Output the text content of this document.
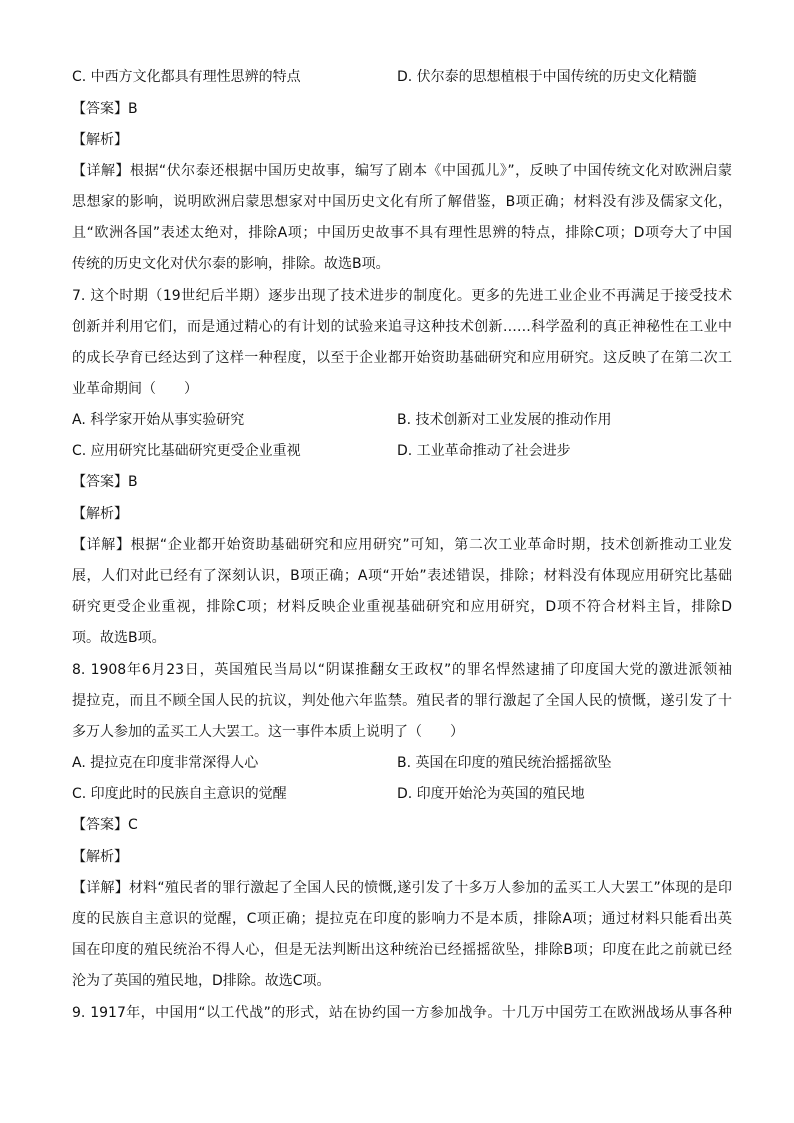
C. 中西方文化都具有理性思辨的特点	D. 伏尔泰的思想植根于中国传统的历史文化精髓
【答案】B
【解析】
【详解】根据“伏尔泰还根据中国历史故事，编写了剧本《中国孤儿》”，反映了中国传统文化对欧洲启蒙
思想家的影响，说明欧洲启蒙思想家对中国历史文化有所了解借鉴，B项正确；材料没有涉及儒家文化，
且“欧洲各国”表述太绝对，排除A项；中国历史故事不具有理性思辨的特点，排除C项；D项夸大了中国
传统的历史文化对伏尔泰的影响，排除。故选B项。
7. 这个时期（19世纪后半期）逐步出现了技术进步的制度化。更多的先进工业企业不再满足于接受技术
创新并利用它们，而是通过精心的有计划的试验来追寻这种技术创新……科学盈利的真正神秘性在工业中
的成长孕育已经达到了这样一种程度，以至于企业都开始资助基础研究和应用研究。这反映了在第二次工
业革命期间（　　）
A. 科学家开始从事实验研究	B. 技术创新对工业发展的推动作用
C. 应用研究比基础研究更受企业重视	D. 工业革命推动了社会进步
【答案】B
【解析】
【详解】根据“企业都开始资助基础研究和应用研究”可知，第二次工业革命时期，技术创新推动工业发
展，人们对此已经有了深刻认识，B项正确；A项“开始”表述错误，排除；材料没有体现应用研究比基础
研究更受企业重视，排除C项；材料反映企业重视基础研究和应用研究，D项不符合材料主旨，排除D
项。故选B项。
8. 1908年6月23日，英国殖民当局以“阴谋推翻女王政权”的罪名悍然逮捕了印度国大党的激进派领袖
提拉克，而且不顾全国人民的抗议，判处他六年监禁。殖民者的罪行激起了全国人民的愤慨，遂引发了十
多万人参加的孟买工人大罢工。这一事件本质上说明了（　　）
A. 提拉克在印度非常深得人心	B. 英国在印度的殖民统治摇摇欲坠
C. 印度此时的民族自主意识的觉醒	D. 印度开始沦为英国的殖民地
【答案】C
【解析】
【详解】材料“殖民者的罪行激起了全国人民的愤慨,遂引发了十多万人参加的孟买工人大罢工”体现的是印
度的民族自主意识的觉醒，C项正确；提拉克在印度的影响力不是本质，排除A项；通过材料只能看出英
国在印度的殖民统治不得人心，但是无法判断出这种统治已经摇摇欲坠，排除B项；印度在此之前就已经
沦为了英国的殖民地，D排除。故选C项。
9. 1917年，中国用“以工代战”的形式，站在协约国一方参加战争。十几万中国劳工在欧洲战场从事各种
